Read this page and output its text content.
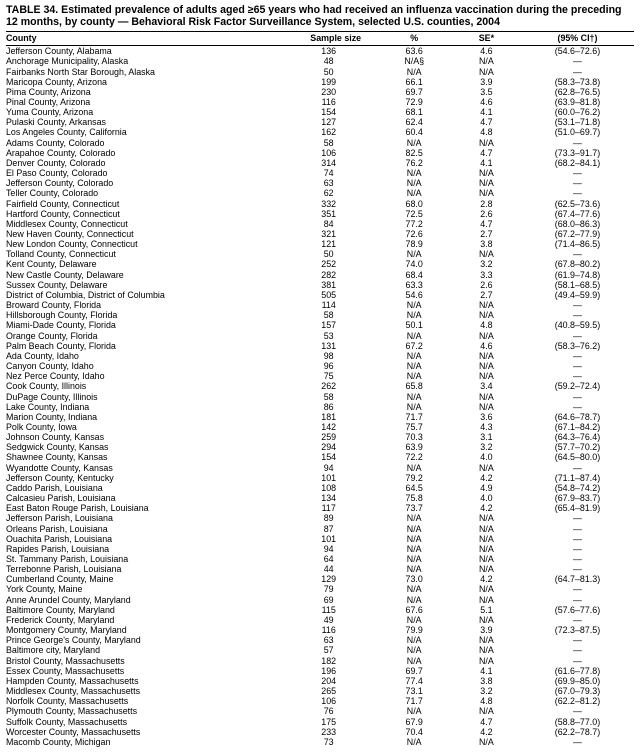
TABLE 34. Estimated prevalence of adults aged ≥65 years who had received an influenza vaccination during the preceding 12 months, by county — Behavioral Risk Factor Surveillance System, selected U.S. counties, 2004

County	Sample size	%	SE*	(95% CI†)
Jefferson County, Alabama	136	63.6	4.6	(54.6–72.6)
Anchorage Municipality, Alaska	48	N/A§	N/A	—
Fairbanks North Star Borough, Alaska	50	N/A	N/A	—
Maricopa County, Arizona	199	66.1	3.9	(58.3–73.8)
Pima County, Arizona	230	69.7	3.5	(62.8–76.5)
Pinal County, Arizona	116	72.9	4.6	(63.9–81.8)
Yuma County, Arizona	154	68.1	4.1	(60.0–76.2)
Pulaski County, Arkansas	127	62.4	4.7	(53.1–71.8)
Los Angeles County, California	162	60.4	4.8	(51.0–69.7)
Adams County, Colorado	58	N/A	N/A	—
Arapahoe County, Colorado	106	82.5	4.7	(73.3–91.7)
Denver County, Colorado	314	76.2	4.1	(68.2–84.1)
El Paso County, Colorado	74	N/A	N/A	—
Jefferson County, Colorado	63	N/A	N/A	—
Teller County, Colorado	62	N/A	N/A	—
Fairfield County, Connecticut	332	68.0	2.8	(62.5–73.6)
Hartford County, Connecticut	351	72.5	2.6	(67.4–77.6)
Middlesex County, Connecticut	84	77.2	4.7	(68.0–86.3)
New Haven County, Connecticut	321	72.6	2.7	(67.2–77.9)
New London County, Connecticut	121	78.9	3.8	(71.4–86.5)
Tolland County, Connecticut	50	N/A	N/A	—
Kent County, Delaware	252	74.0	3.2	(67.8–80.2)
New Castle County, Delaware	282	68.4	3.3	(61.9–74.8)
Sussex County, Delaware	381	63.3	2.6	(58.1–68.5)
District of Columbia, District of Columbia	505	54.6	2.7	(49.4–59.9)
Broward County, Florida	114	N/A	N/A	—
Hillsborough County, Florida	58	N/A	N/A	—
Miami-Dade County, Florida	157	50.1	4.8	(40.8–59.5)
Orange County, Florida	53	N/A	N/A	—
Palm Beach County, Florida	131	67.2	4.6	(58.3–76.2)
Ada County, Idaho	98	N/A	N/A	—
Canyon County, Idaho	96	N/A	N/A	—
Nez Perce County, Idaho	75	N/A	N/A	—
Cook County, Illinois	262	65.8	3.4	(59.2–72.4)
DuPage County, Illinois	58	N/A	N/A	—
Lake County, Indiana	86	N/A	N/A	—
Marion County, Indiana	181	71.7	3.6	(64.6–78.7)
Polk County, Iowa	142	75.7	4.3	(67.1–84.2)
Johnson County, Kansas	259	70.3	3.1	(64.3–76.4)
Sedgwick County, Kansas	294	63.9	3.2	(57.7–70.2)
Shawnee County, Kansas	154	72.2	4.0	(64.5–80.0)
Wyandotte County, Kansas	94	N/A	N/A	—
Jefferson County, Kentucky	101	79.2	4.2	(71.1–87.4)
Caddo Parish, Louisiana	108	64.5	4.9	(54.8–74.2)
Calcasieu Parish, Louisiana	134	75.8	4.0	(67.9–83.7)
East Baton Rouge Parish, Louisiana	117	73.7	4.2	(65.4–81.9)
Jefferson Parish, Louisiana	89	N/A	N/A	—
Orleans Parish, Louisiana	87	N/A	N/A	—
Ouachita Parish, Louisiana	101	N/A	N/A	—
Rapides Parish, Louisiana	94	N/A	N/A	—
St. Tammany Parish, Louisiana	64	N/A	N/A	—
Terrebonne Parish, Louisiana	44	N/A	N/A	—
Cumberland County, Maine	129	73.0	4.2	(64.7–81.3)
York County, Maine	79	N/A	N/A	—
Anne Arundel County, Maryland	69	N/A	N/A	—
Baltimore County, Maryland	115	67.6	5.1	(57.6–77.6)
Frederick County, Maryland	49	N/A	N/A	—
Montgomery County, Maryland	116	79.9	3.9	(72.3–87.5)
Prince George's County, Maryland	63	N/A	N/A	—
Baltimore city, Maryland	57	N/A	N/A	—
Bristol County, Massachusetts	182	N/A	N/A	—
Essex County, Massachusetts	196	69.7	4.1	(61.6–77.8)
Hampden County, Massachusetts	204	77.4	3.8	(69.9–85.0)
Middlesex County, Massachusetts	265	73.1	3.2	(67.0–79.3)
Norfolk County, Massachusetts	106	71.7	4.8	(62.2–81.2)
Plymouth County, Massachusetts	76	N/A	N/A	—
Suffolk County, Massachusetts	175	67.9	4.7	(58.8–77.0)
Worcester County, Massachusetts	233	70.4	4.2	(62.2–78.7)
Macomb County, Michigan	73	N/A	N/A	—
